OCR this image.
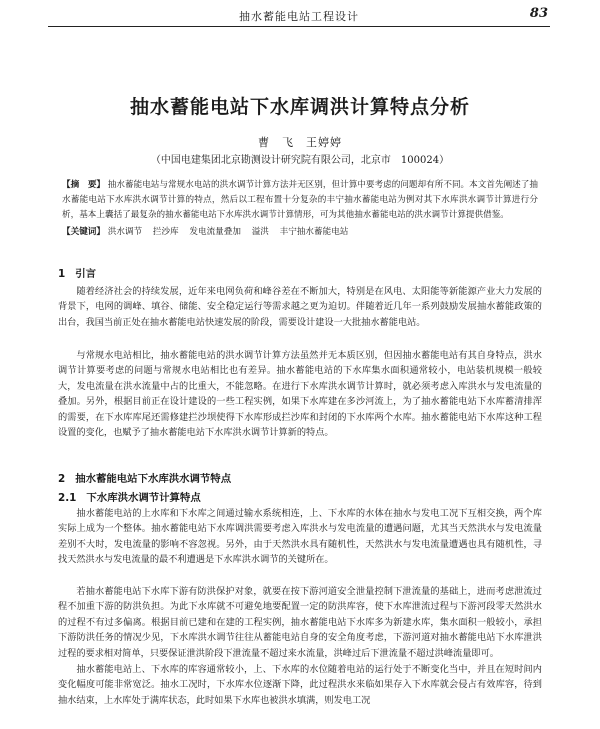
抽水蓄能电站工程设计	83
抽水蓄能电站下水库调洪计算特点分析
曹　飞　王婷婷
（中国电建集团北京勘测设计研究院有限公司，北京市　100024）
【摘　要】 抽水蓄能电站与常规水电站的洪水调节计算方法并无区别，但计算中要考虑的问题却有所不同。本文首先阐述了抽水蓄能电站下水库洪水调节计算的特点，然后以工程布置十分复杂的丰宁抽水蓄能电站为例对其下水库洪水调节计算进行分析，基本上囊括了最复杂的抽水蓄能电站下水库洪水调节计算情形，可为其他抽水蓄能电站的洪水调节计算提供借鉴。
【关键词】 洪水调节 拦沙库 发电流量叠加 溢洪 丰宁抽水蓄能电站
1 引言
随着经济社会的持续发展，近年来电网负荷和峰谷差在不断加大，特别是在风电、太阳能等新能源产业大力发展的背景下，电网的调峰、填谷、储能、安全稳定运行等需求越之更为迫切。伴随着近几年一系列鼓励发展抽水蓄能政策的出台，我国当前正处在抽水蓄能电站快速发展的阶段，需要设计建设一大批抽水蓄能电站。
与常规水电站相比，抽水蓄能电站的洪水调节计算方法虽然并无本质区别，但因抽水蓄能电站有其自身特点，洪水调节计算要考虑的问题与常规水电站相比也有差异。抽水蓄能电站的下水库集水面积通常较小，电站装机规模一般较大，发电流量在洪水流量中占的比重大，不能忽略。在进行下水库洪水调节计算时，就必须考虑入库洪水与发电流量的叠加。另外，根据目前正在设计建设的一些工程实例，如果下水库建在多沙河流上，为了抽水蓄能电站下水库蓄清排浑的需要，在下水库库尾还需修建拦沙坝使得下水库形成拦沙库和封闭的下水库两个水库。抽水蓄能电站下水库这种工程设置的变化，也赋予了抽水蓄能电站下水库洪水调节计算新的特点。
2 抽水蓄能电站下水库洪水调节特点
2.1 下水库洪水调节计算特点
抽水蓄能电站的上水库和下水库之间通过输水系统相连，上、下水库的水体在抽水与发电工况下互相交换，两个库实际上成为一个整体。抽水蓄能电站下水库调洪需要考虑入库洪水与发电流量的遭遇问题，尤其当天然洪水与发电流量差别不大时，发电流量的影响不容忽视。另外，由于天然洪水具有随机性，天然洪水与发电流量遭遇也具有随机性，寻找天然洪水与发电流量的最不利遭遇是下水库洪水调节的关键所在。
若抽水蓄能电站下水库下游有防洪保护对象，就要在按下游河道安全泄量控制下泄流量的基础上，进而考虑泄流过程不加重下游的防洪负担。为此下水库就不可避免地要配置一定的防洪库容，使下水库泄流过程与下游河段零天然洪水的过程不有过多偏离。根据目前已建和在建的工程实例，抽水蓄能电站下水库多为新建水库，集水面积一般较小，承担下游防洪任务的情况少见，下水库洪水调节往往从蓄能电站自身的安全角度考虑，下游河道对抽水蓄能电站下水库泄洪过程的要求相对简单，只要保证泄洪阶段下泄流量不超过来水流量，洪峰过后下泄流量不超过洪峰流量即可。
抽水蓄能电站上、下水库的库容通常较小，上、下水库的水位随着电站的运行处于不断变化当中，并且在短时间内变化幅度可能非常宽泛。抽水工况时，下水库水位逐渐下降，此过程洪水来临如果存入下水库就会侵占有效库容，待到抽水结束，上水库处于满库状态，此时如果下水库也被洪水填满，则发电工况
